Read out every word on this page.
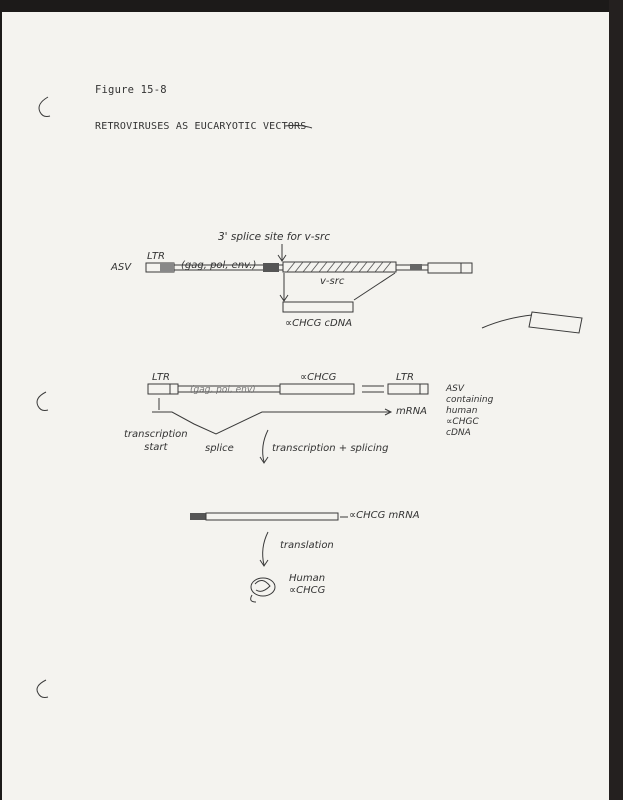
Figure 15-8
RETROVIRUSES AS EUCARYOTIC VECTORS
3' splice site for v-src
ASV
LTR
(gag, pol, env.)
v-src
∝CHCG cDNA
LTR
(gag, pol, env)
∝CHCG	LTR
mRNA
ASV
containing
human
∝CHGC
cDNA
transcription
start	splice	transcription + splicing
∝CHCG mRNA
translation
Human
∝CHCG
